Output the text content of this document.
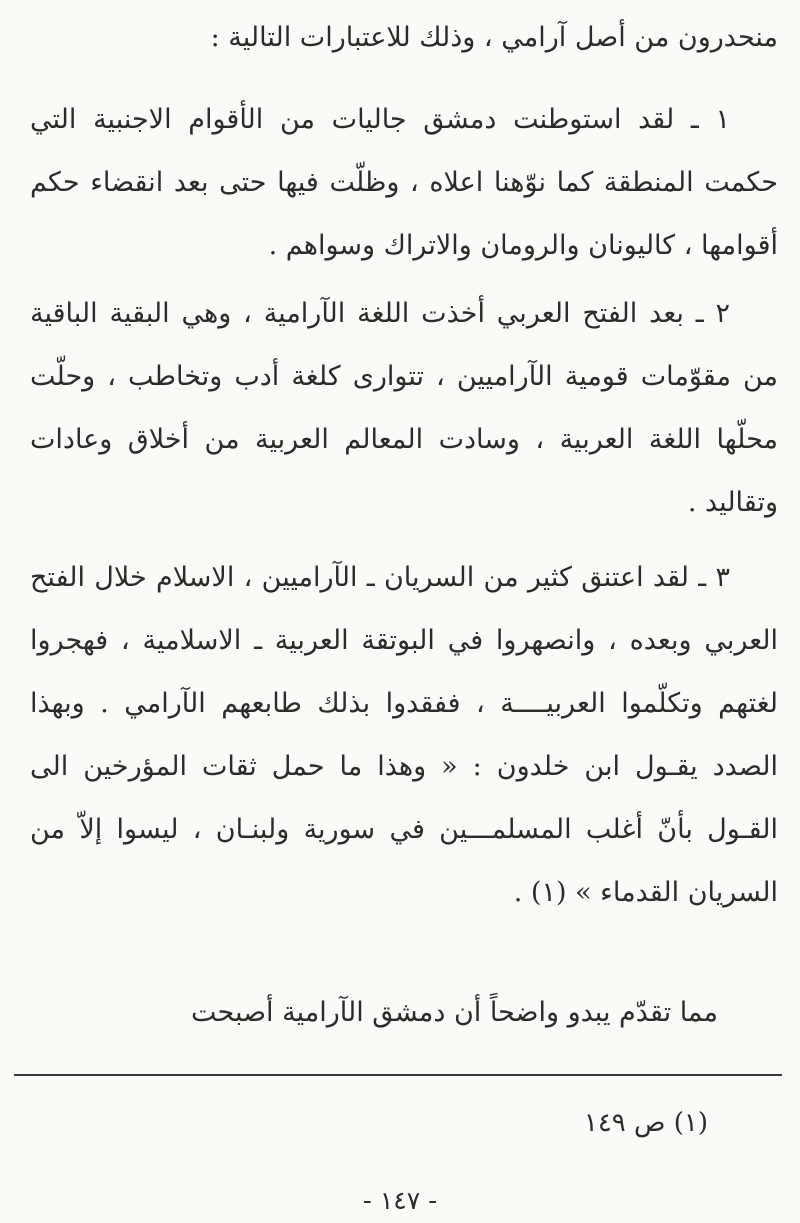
منحدرون من أصل آرامي ، وذلك للاعتبارات التالية :

١ ـ لقد استوطنت دمشق جاليات من الأقوام الاجنبية التي حكمت المنطقة كما نوّهنا اعلاه ، وظلّت فيها حتى بعد انقضاء حكم أقوامها ، كاليونان والرومان والاتراك وسواهم .

٢ ـ بعد الفتح العربي أخذت اللغة الآرامية ، وهي البقية الباقية من مقوّمات قومية الآراميين ، تتوارى كلغة أدب وتخاطب ، وحلّت محلّها اللغة العربية ، وسادت المعالم العربية من أخلاق وعادات وتقاليد .

٣ ـ لقد اعتنق كثير من السريان ـ الآراميين ، الاسلام خلال الفتح العربي وبعده ، وانصهروا في البوتقة العربية ـ الاسلامية ، فهجروا لغتهم وتكلّموا العربيــــة ، ففقدوا بذلك طابعهم الآرامي . وبهذا الصدد يقـول ابن خلدون : « وهذا ما حمل ثقات المؤرخين الى القـول بأنّ أغلب المسلمـــين في سورية ولبنـان ، ليسوا إلاّ من السريان القدماء » (١) .

مما تقدّم يبدو واضحاً أن دمشق الآرامية أصبحت

(١) ص ١٤٩
- ١٤٧ -
